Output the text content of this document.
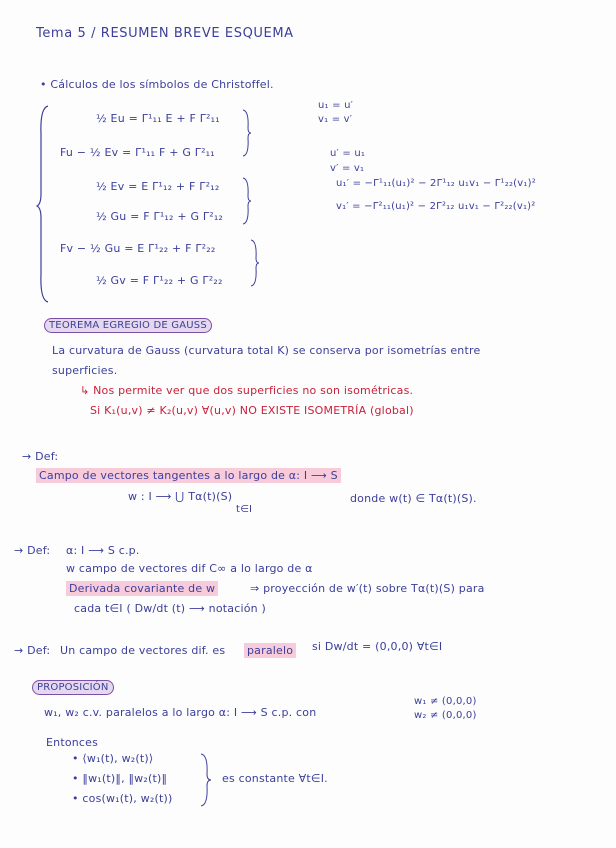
Tema 5 / RESUMEN BREVE ESQUEMA
• Cálculos de los símbolos de Christoffel.
½ Eu = Γ¹₁₁ E + F Γ²₁₁
Fu − ½ Ev = Γ¹₁₁ F + G Γ²₁₁
½ Ev = E Γ¹₁₂ + F Γ²₁₂
½ Gu = F Γ¹₁₂ + G Γ²₁₂
Fv − ½ Gu = E Γ¹₂₂ + F Γ²₂₂
½ Gv = F Γ¹₂₂ + G Γ²₂₂
u₁ = u′
v₁ = v′
u′ = u₁
v′ = v₁
u₁′ = −Γ¹₁₁(u₁)² − 2Γ¹₁₂ u₁v₁ − Γ¹₂₂(v₁)²
v₁′ = −Γ²₁₁(u₁)² − 2Γ²₁₂ u₁v₁ − Γ²₂₂(v₁)²
TEOREMA EGREGIO DE GAUSS
La curvatura de Gauss (curvatura total K) se conserva por isometrías entre
superficies.
↳ Nos permite ver que dos superficies no son isométricas.
Si K₁(u,v) ≠ K₂(u,v) ∀(u,v) NO EXISTE ISOMETRÍA (global)
→ Def:
Campo de vectores tangentes a lo largo de α: I ⟶ S
w : I ⟶ ⋃ Tα(t)(S)
t∈I
donde w(t) ∈ Tα(t)(S).
→ Def: α: I ⟶ S c.p.
w campo de vectores dif C∞ a lo largo de α
Derivada covariante de w	⇒ proyección de w′(t) sobre Tα(t)(S) para
cada t∈I ( Dw/dt (t) ⟶ notación )
→ Def: Un campo de vectores dif. es paralelo si Dw/dt = (0,0,0) ∀t∈I
PROPOSICIÓN
w₁, w₂ c.v. paralelos a lo largo α: I ⟶ S c.p. con
w₁ ≠ (0,0,0)
w₂ ≠ (0,0,0)
Entonces
• ⟨w₁(t), w₂(t)⟩
• ‖w₁(t)‖, ‖w₂(t)‖
• cos(w₁(t), w₂(t))
es constante ∀t∈I.
